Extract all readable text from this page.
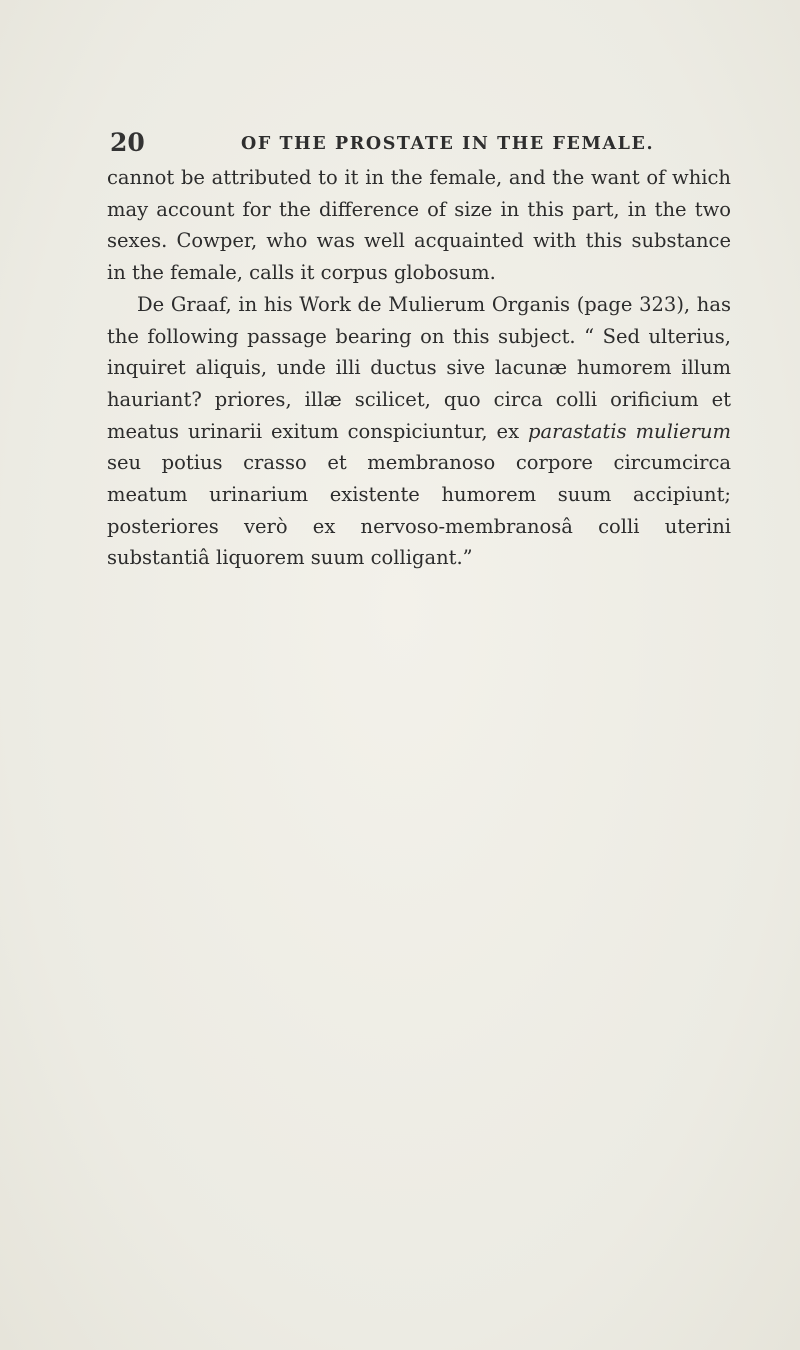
20	OF THE PROSTATE IN THE FEMALE.

cannot be attributed to it in the female, and the want of which may account for the difference of size in this part, in the two sexes. Cowper, who was well acquainted with this substance in the female, calls it corpus globosum.

De Graaf, in his Work de Mulierum Organis (page 323), has the following passage bearing on this subject. “ Sed ulterius, inquiret aliquis, unde illi ductus sive lacunæ humorem illum hauriant? priores, illæ scilicet, quo circa colli orificium et meatus urinarii exitum conspiciuntur, ex parastatis mulierum seu potius crasso et membranoso corpore circumcirca meatum urinarium existente humorem suum accipiunt; posteriores verò ex nervoso-membranosâ colli uterini substantiâ liquorem suum colligant.”
